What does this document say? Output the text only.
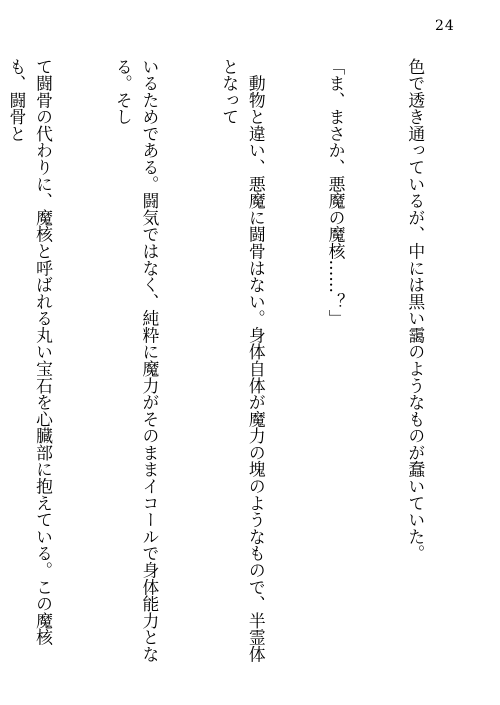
24

色で透き通っているが、中には黒い靄のようなものが蠢いていた。

「ま、まさか、悪魔の魔核……？」

　動物と違い、悪魔に闘骨はない。身体自体が魔力の塊のようなもので、半霊体となって

いるためである。闘気ではなく、純粋に魔力がそのままイコールで身体能力となる。そし

て闘骨の代わりに、魔核と呼ばれる丸い宝石を心臓部に抱えている。この魔核も、闘骨と
